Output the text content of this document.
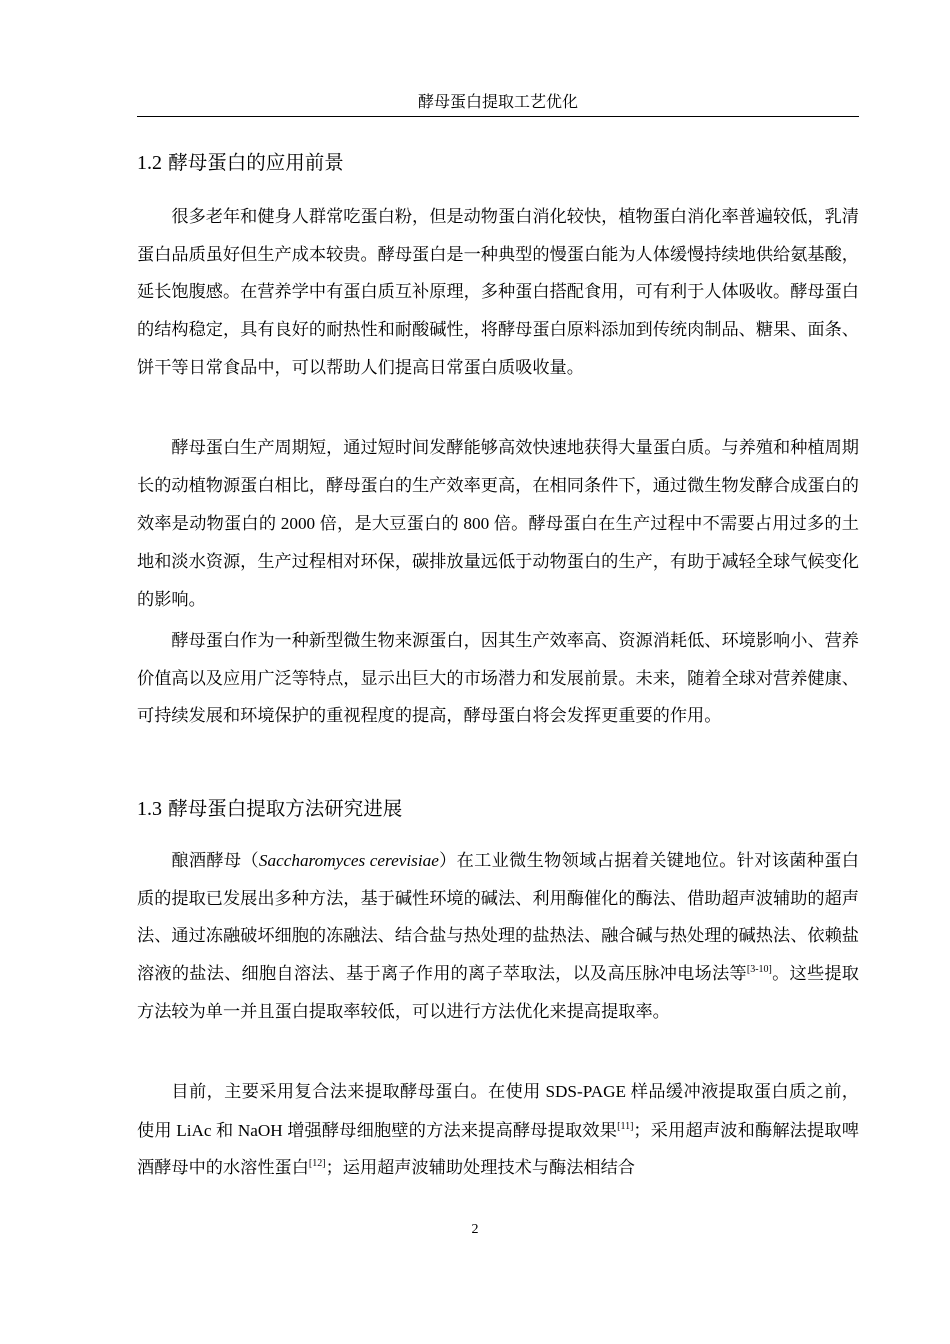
酵母蛋白提取工艺优化
1.2 酵母蛋白的应用前景

很多老年和健身人群常吃蛋白粉，但是动物蛋白消化较快，植物蛋白消化率普遍较低，乳清蛋白品质虽好但生产成本较贵。酵母蛋白是一种典型的慢蛋白能为人体缓慢持续地供给氨基酸，延长饱腹感。在营养学中有蛋白质互补原理，多种蛋白搭配食用，可有利于人体吸收。酵母蛋白的结构稳定，具有良好的耐热性和耐酸碱性，将酵母蛋白原料添加到传统肉制品、糖果、面条、饼干等日常食品中，可以帮助人们提高日常蛋白质吸收量。

酵母蛋白生产周期短，通过短时间发酵能够高效快速地获得大量蛋白质。与养殖和种植周期长的动植物源蛋白相比，酵母蛋白的生产效率更高，在相同条件下，通过微生物发酵合成蛋白的效率是动物蛋白的 2000 倍，是大豆蛋白的 800 倍。酵母蛋白在生产过程中不需要占用过多的土地和淡水资源，生产过程相对环保，碳排放量远低于动物蛋白的生产，有助于减轻全球气候变化的影响。

酵母蛋白作为一种新型微生物来源蛋白，因其生产效率高、资源消耗低、环境影响小、营养价值高以及应用广泛等特点，显示出巨大的市场潜力和发展前景。未来，随着全球对营养健康、可持续发展和环境保护的重视程度的提高，酵母蛋白将会发挥更重要的作用。

1.3 酵母蛋白提取方法研究进展

酿酒酵母（Saccharomyces cerevisiae）在工业微生物领域占据着关键地位。针对该菌种蛋白质的提取已发展出多种方法，基于碱性环境的碱法、利用酶催化的酶法、借助超声波辅助的超声法、通过冻融破坏细胞的冻融法、结合盐与热处理的盐热法、融合碱与热处理的碱热法、依赖盐溶液的盐法、细胞自溶法、基于离子作用的离子萃取法，以及高压脉冲电场法等[3-10]。这些提取方法较为单一并且蛋白提取率较低，可以进行方法优化来提高提取率。

目前，主要采用复合法来提取酵母蛋白。在使用 SDS-PAGE 样品缓冲液提取蛋白质之前，使用 LiAc 和 NaOH 增强酵母细胞壁的方法来提高酵母提取效果[11]；采用超声波和酶解法提取啤酒酵母中的水溶性蛋白[12]；运用超声波辅助处理技术与酶法相结合

2
